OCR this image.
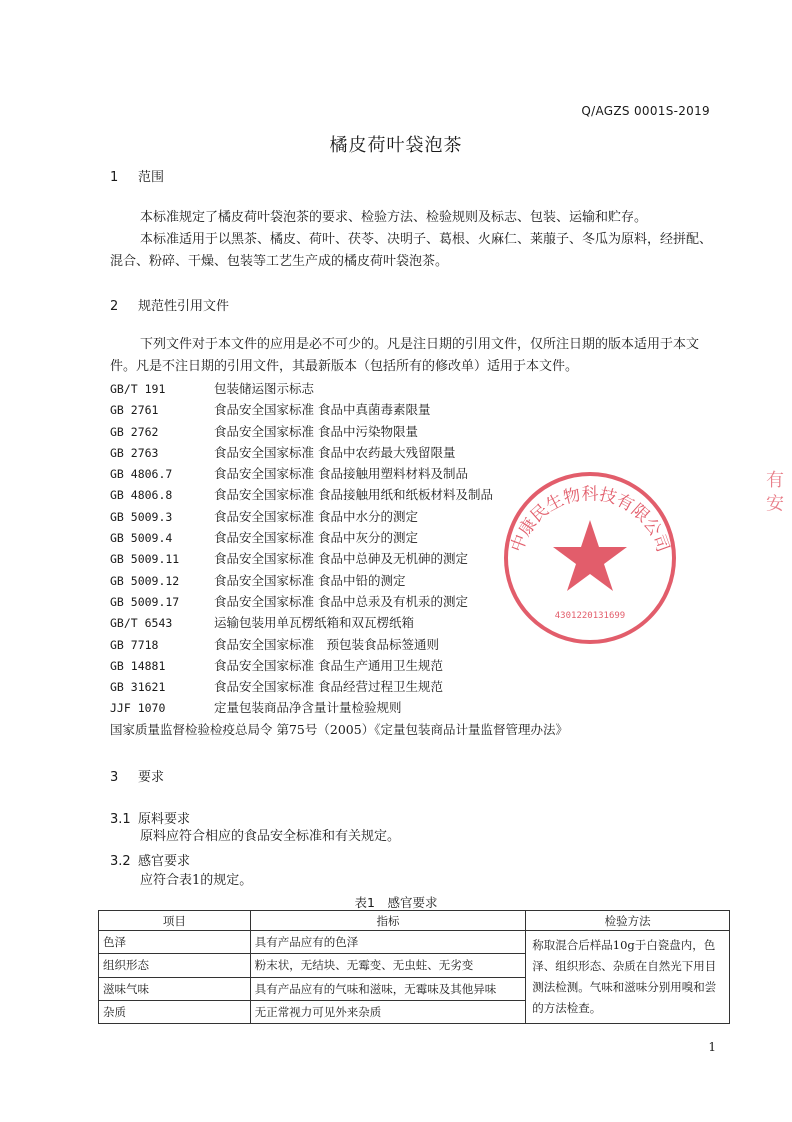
Q/AGZS 0001S-2019
橘皮荷叶袋泡茶
1 范围
本标准规定了橘皮荷叶袋泡茶的要求、检验方法、检验规则及标志、包装、运输和贮存。
本标准适用于以黑茶、橘皮、荷叶、茯苓、决明子、葛根、火麻仁、莱菔子、冬瓜为原料，经拼配、混合、粉碎、干燥、包装等工艺生产成的橘皮荷叶袋泡茶。
2 规范性引用文件
下列文件对于本文件的应用是必不可少的。凡是注日期的引用文件，仅所注日期的版本适用于本文件。凡是不注日期的引用文件，其最新版本（包括所有的修改单）适用于本文件。
GB/T 191	包装储运图示标志
GB 2761	食品安全国家标准 食品中真菌毒素限量
GB 2762	食品安全国家标准 食品中污染物限量
GB 2763	食品安全国家标准 食品中农药最大残留限量
GB 4806.7	食品安全国家标准 食品接触用塑料材料及制品
GB 4806.8	食品安全国家标准 食品接触用纸和纸板材料及制品
GB 5009.3	食品安全国家标准 食品中水分的测定
GB 5009.4	食品安全国家标准 食品中灰分的测定
GB 5009.11	食品安全国家标准 食品中总砷及无机砷的测定
GB 5009.12	食品安全国家标准 食品中铅的测定
GB 5009.17	食品安全国家标准 食品中总汞及有机汞的测定
GB/T 6543	运输包装用单瓦楞纸箱和双瓦楞纸箱
GB 7718	食品安全国家标准　预包装食品标签通则
GB 14881	食品安全国家标准 食品生产通用卫生规范
GB 31621	食品安全国家标准 食品经营过程卫生规范
JJF 1070	定量包装商品净含量计量检验规则
国家质量监督检验检疫总局令 第75号（2005）《定量包装商品计量监督管理办法》
3 要求
3.1 原料要求
原料应符合相应的食品安全标准和有关规定。
3.2 感官要求
应符合表1的规定。
表1　感官要求
项目	指标	检验方法
色泽	具有产品应有的色泽	称取混合后样品10g于白瓷盘内，色泽、组织形态、杂质在自然光下用目测法检测。气味和滋味分别用嗅和尝的方法检查。
组织形态	粉末状，无结块、无霉变、无虫蛀、无劣变	
滋味气味	具有产品应有的气味和滋味，无霉味及其他异味	
杂质	无正常视力可见外来杂质	
中康民生物科技有限公司
4301220131699
有 安
1
